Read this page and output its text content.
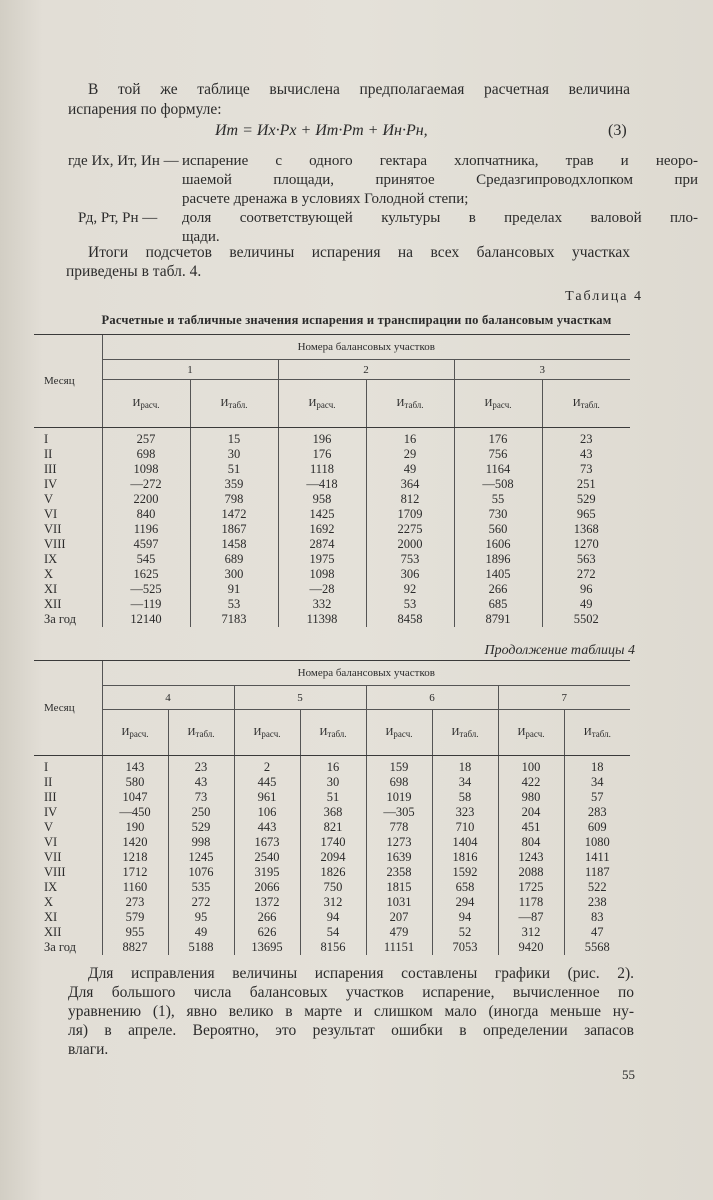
В той же таблице вычислена предполагаемая расчетная величина
испарения по формуле:
Ит = Их·Рх + Ит·Рт + Ин·Рн,	(3)
где Их, Ит, Ин — испарение с одного гектара хлопчатника, трав и неоро-
шаемой площади, принятое Средазгипроводхлопком при
расчете дренажа в условиях Голодной степи;
Рд, Рт, Рн — доля соответствующей культуры в пределах валовой пло-
щади.
Итоги подсчетов величины испарения на всех балансовых участках
приведены в табл. 4.
Таблица 4
Расчетные и табличные значения испарения и транспирации по балансовым участкам
Месяц	Номера балансовых участков					
	1		2		3	
	$И_{расч.}$	$И_{табл.}$	$И_{расч.}$	$И_{табл.}$	$И_{расч.}$	$И_{табл.}$
I	257	15	196	16	176	23
II	698	30	176	29	756	43
III	1098	51	1118	49	1164	73
IV	—272	359	—418	364	—508	251
V	2200	798	958	812	55	529
VI	840	1472	1425	1709	730	965
VII	1196	1867	1692	2275	560	1368
VIII	4597	1458	2874	2000	1606	1270
IX	545	689	1975	753	1896	563
X	1625	300	1098	306	1405	272
XI	—525	91	—28	92	266	96
XII	—119	53	332	53	685	49
За год	12140	7183	11398	8458	8791	5502
Продолжение таблицы 4
Месяц	Номера балансовых участков							
	4		5		6		7	
	$И_{расч.}$	$И_{табл.}$	$И_{расч.}$	$И_{табл.}$	$И_{расч.}$	$И_{табл.}$	$И_{расч.}$	$И_{табл.}$
I	143	23	2	16	159	18	100	18
II	580	43	445	30	698	34	422	34
III	1047	73	961	51	1019	58	980	57
IV	—450	250	106	368	—305	323	204	283
V	190	529	443	821	778	710	451	609
VI	1420	998	1673	1740	1273	1404	804	1080
VII	1218	1245	2540	2094	1639	1816	1243	1411
VIII	1712	1076	3195	1826	2358	1592	2088	1187
IX	1160	535	2066	750	1815	658	1725	522
X	273	272	1372	312	1031	294	1178	238
XI	579	95	266	94	207	94	—87	83
XII	955	49	626	54	479	52	312	47
За год	8827	5188	13695	8156	11151	7053	9420	5568
Для исправления величины испарения составлены графики (рис. 2).
Для большого числа балансовых участков испарение, вычисленное по
уравнению (1), явно велико в марте и слишком мало (иногда меньше ну-
ля) в апреле. Вероятно, это результат ошибки в определении запасов
влаги.
55
